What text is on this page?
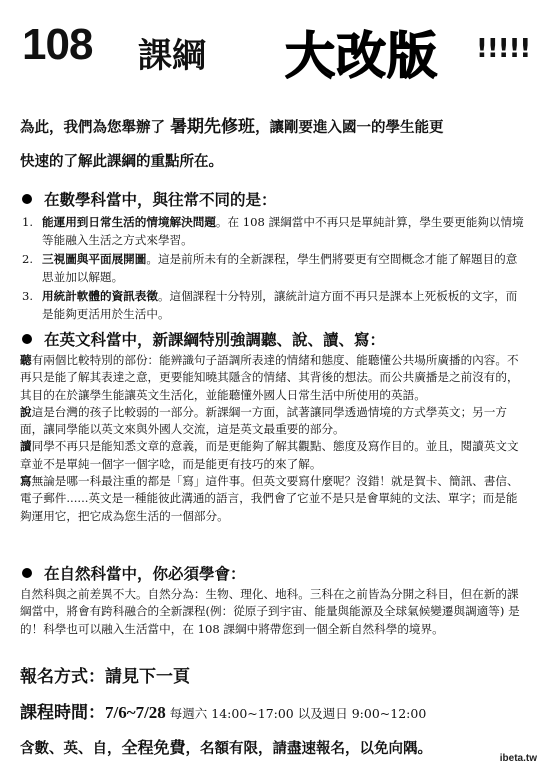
108 課綱 大改版 !!!!!
為此，我們為您舉辦了 暑期先修班，讓剛要進入國一的學生能更
快速的了解此課綱的重點所在。
在數學科當中，與往常不同的是：
1. 能運用到日常生活的情境解決問題。在 108 課綱當中不再只是單純計算，學生要更能夠以情境等能融入生活之方式來學習。
2. 三視圖與平面展開圖。這是前所未有的全新課程，學生們將要更有空間概念才能了解題目的意思並加以解題。
3. 用統計軟體的資訊表徵。這個課程十分特別，讓統計這方面不再只是課本上死板板的文字，而是能夠更活用於生活中。
在英文科當中，新課綱特別強調聽、說、讀、寫：

聽有兩個比較特別的部份：能辨識句子語調所表達的情緒和態度、能聽懂公共場所廣播的內容。不再只是能了解其表達之意，更要能知曉其隱含的情緒、其背後的想法。而公共廣播是之前沒有的，其目的在於讓學生能讓英文生活化，並能聽懂外國人日常生活中所使用的英語。

說這是台灣的孩子比較弱的一部分。新課綱一方面，試著讓同學透過情境的方式學英文；另一方面，讓同學能以英文來與外國人交流，這是英文最重要的部分。

讀同學不再只是能知悉文章的意義，而是更能夠了解其觀點、態度及寫作目的。並且，閱讀英文文章並不是單純一個字一個字唸，而是能更有技巧的來了解。

寫無論是哪一科最注重的都是「寫」這件事。但英文要寫什麼呢？沒錯！就是賀卡、簡訊、書信、電子郵件......英文是一種能彼此溝通的語言，我們會了它並不是只是會單純的文法、單字；而是能夠運用它，把它成為您生活的一個部分。

在自然科當中，你必須學會：

自然科與之前差異不大。自然分為：生物、理化、地科。三科在之前皆為分開之科目，但在新的課綱當中，將會有跨科融合的全新課程(例：從原子到宇宙、能量與能源及全球氣候變遷與調適等) 是的！科學也可以融入生活當中，在 108 課綱中將帶您到一個全新自然科學的境界。

報名方式：請見下一頁
課程時間：7/6~7/28 每週六 14:00~17:00 以及週日 9:00~12:00
含數、英、自，全程免費，名額有限，請盡速報名，以免向隅。
ibeta.tw
